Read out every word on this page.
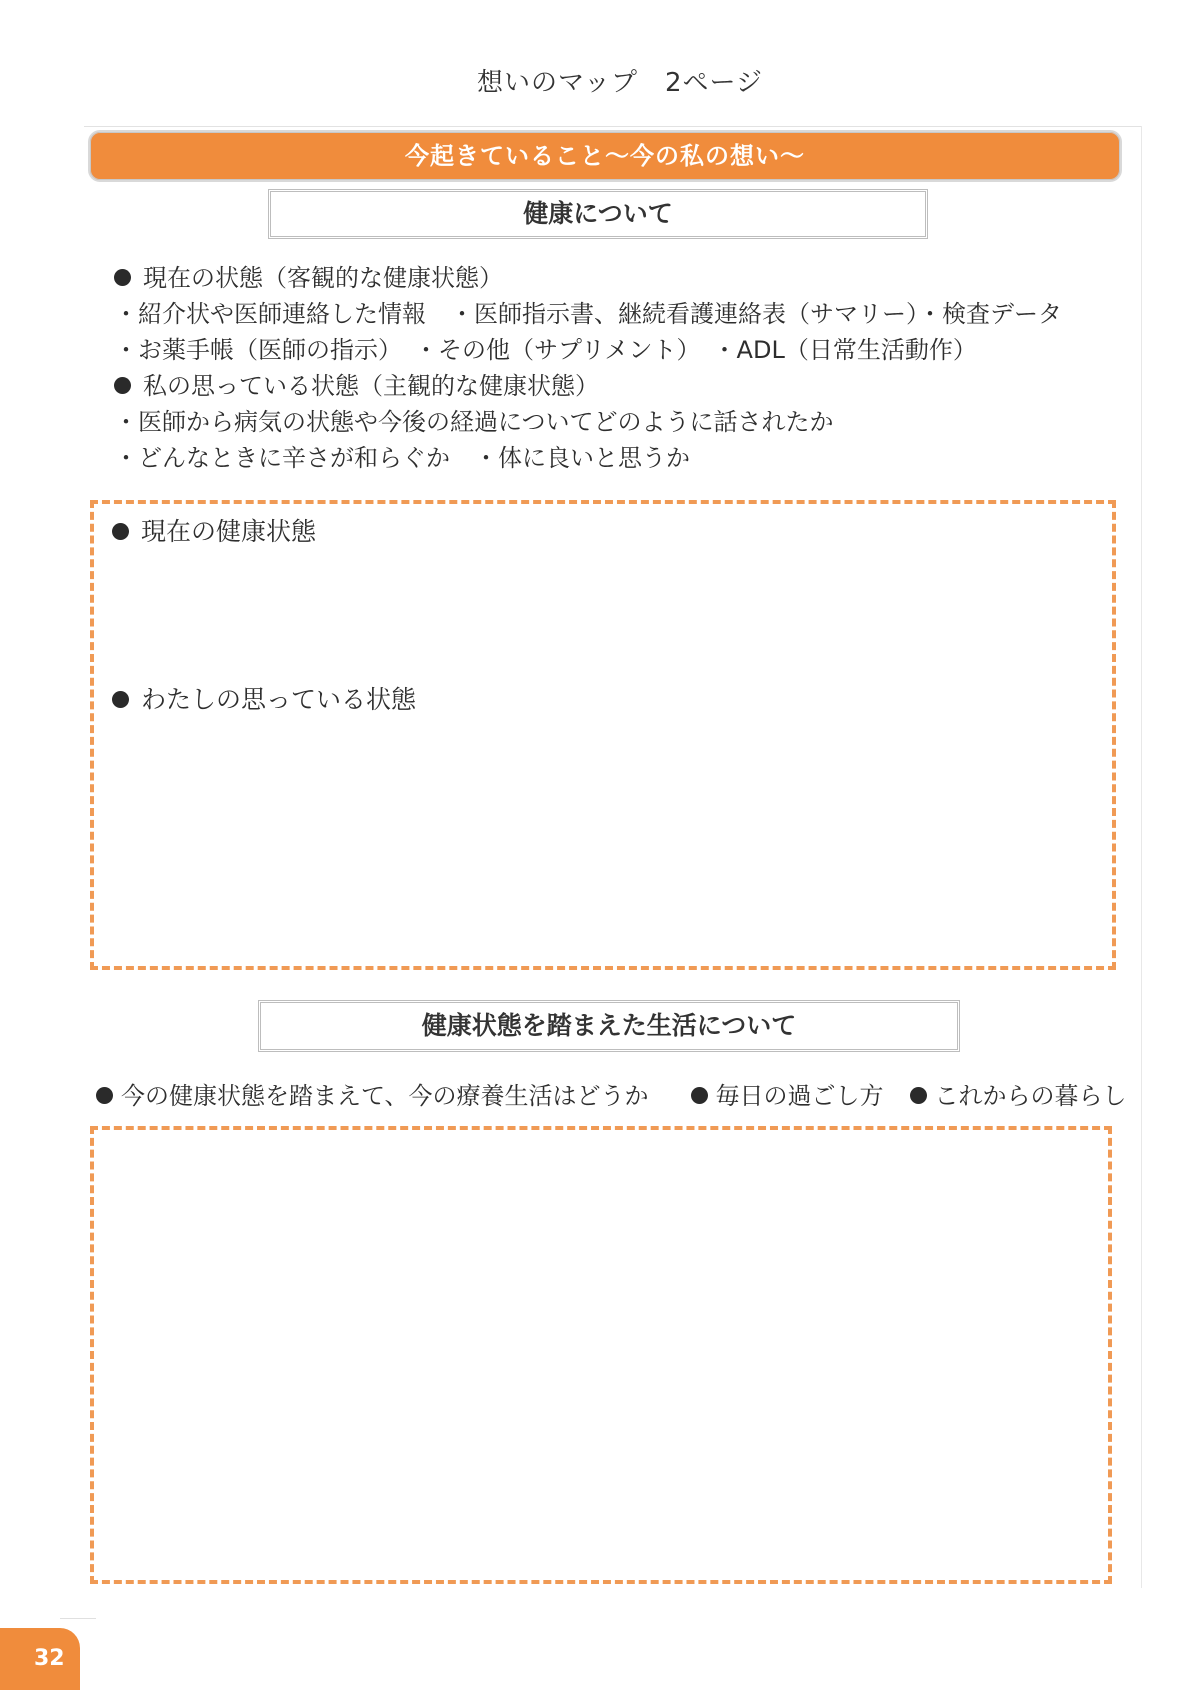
想いのマップ　2ページ
今起きていること～今の私の想い～
健康について
現在の状態（客観的な健康状態）
・紹介状や医師連絡した情報　・医師指示書、継続看護連絡表（サマリー）・検査データ
・お薬手帳（医師の指示）　・その他（サプリメント）　・ADL（日常生活動作）
私の思っている状態（主観的な健康状態）
・医師から病気の状態や今後の経過についてどのように話されたか
・どんなときに辛さが和らぐか　・体に良いと思うか
現在の健康状態
わたしの思っている状態
健康状態を踏まえた生活について
今の健康状態を踏まえて、今の療養生活はどうか	毎日の過ごし方 これからの暮らし
32
